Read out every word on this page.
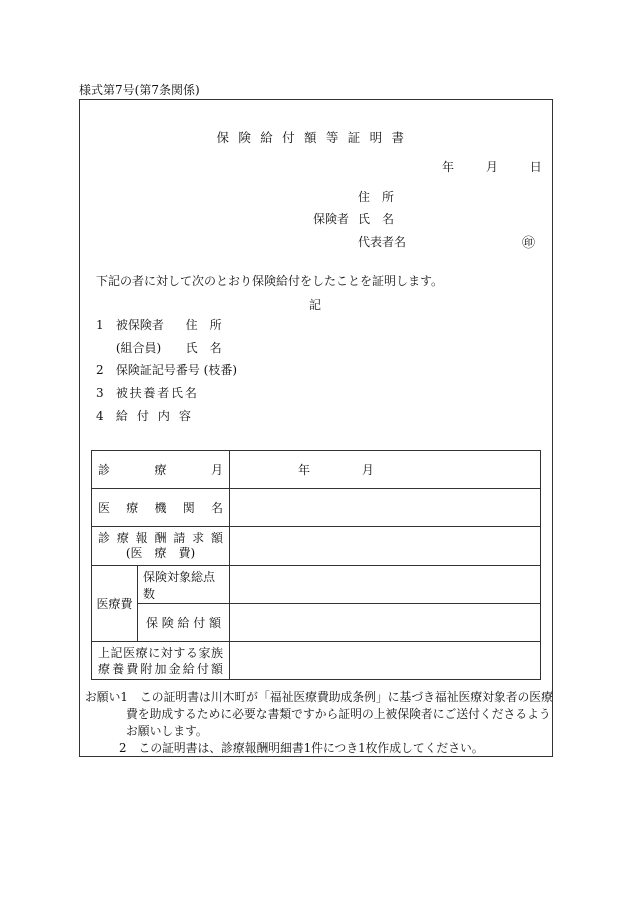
様式第7号(第7条関係)
保険給付額等証明書
年	月	日
住　所
保険者 氏　名
代表者名	㊞
下記の者に対して次のとおり保険給付をしたことを証明します。
記
1 被保険者 住　所
(組合員) 氏　名
2 保険証記号番号 (枝番)
3 被扶養者氏名
4 給付内容
診療月		年 月
医療機関名		

診療報酬請求額
(医　療　費)		

医療費	保険対象総点数	
	保険給付額	

上記医療に対する家族
療養費附加金給付額		

お願い1 この証明書は川木町が「福祉医療費助成条例」に基づき福祉医療対象者の医療
費を助成するために必要な書類ですから証明の上被保険者にご送付くださるよう
お願いします。
2 この証明書は、診療報酬明細書1件につき1枚作成してください。
